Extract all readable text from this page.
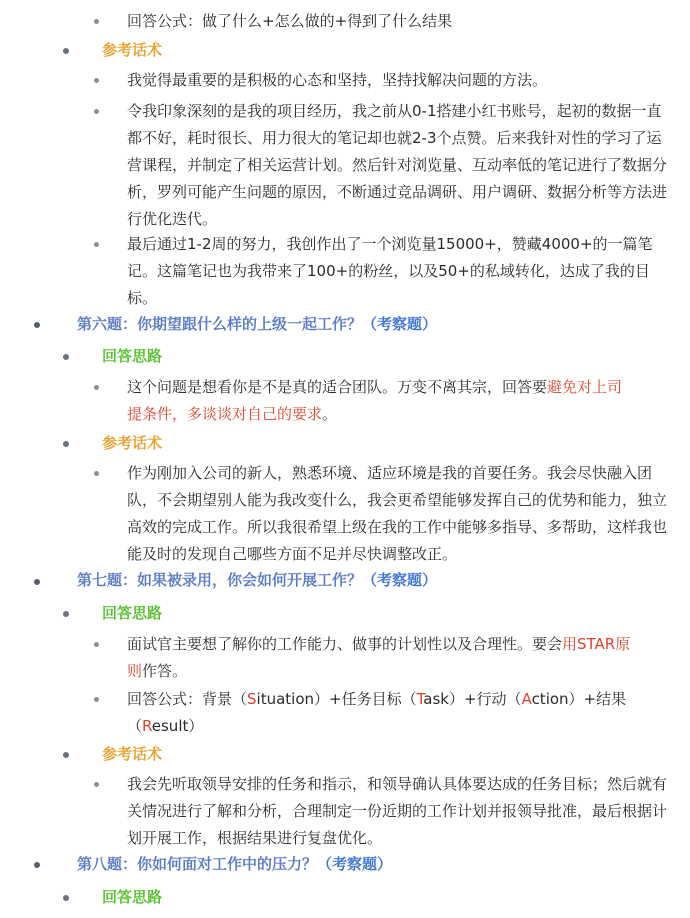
回答公式：做了什么+怎么做的+得到了什么结果
参考话术
我觉得最重要的是积极的心态和坚持，坚持找解决问题的方法。
令我印象深刻的是我的项目经历，我之前从0-1搭建小红书账号，起初的数据一直都不好，耗时很长、用力很大的笔记却也就2-3个点赞。后来我针对性的学习了运营课程，并制定了相关运营计划。然后针对浏览量、互动率低的笔记进行了数据分析，罗列可能产生问题的原因，不断通过竞品调研、用户调研、数据分析等方法进行优化迭代。
最后通过1-2周的努力，我创作出了一个浏览量15000+，赞藏4000+的一篇笔记。这篇笔记也为我带来了100+的粉丝，以及50+的私域转化，达成了我的目标。
第六题：你期望跟什么样的上级一起工作？（考察题）
回答思路
这个问题是想看你是不是真的适合团队。万变不离其宗，回答要避免对上司
提条件，多谈谈对自己的要求。
参考话术
作为刚加入公司的新人，熟悉环境、适应环境是我的首要任务。我会尽快融入团队，不会期望别人能为我改变什么，我会更希望能够发挥自己的优势和能力，独立高效的完成工作。所以我很希望上级在我的工作中能够多指导、多帮助，这样我也能及时的发现自己哪些方面不足并尽快调整改正。
第七题：如果被录用，你会如何开展工作？（考察题）
回答思路
面试官主要想了解你的工作能力、做事的计划性以及合理性。要会用STAR原
则作答。
回答公式：背景（Situation）+任务目标（Task）+行动（Action）+结果
（Result）
参考话术
我会先听取领导安排的任务和指示，和领导确认具体要达成的任务目标；然后就有关情况进行了解和分析，合理制定一份近期的工作计划并报领导批准，最后根据计划开展工作，根据结果进行复盘优化。
第八题：你如何面对工作中的压力？（考察题）
回答思路
